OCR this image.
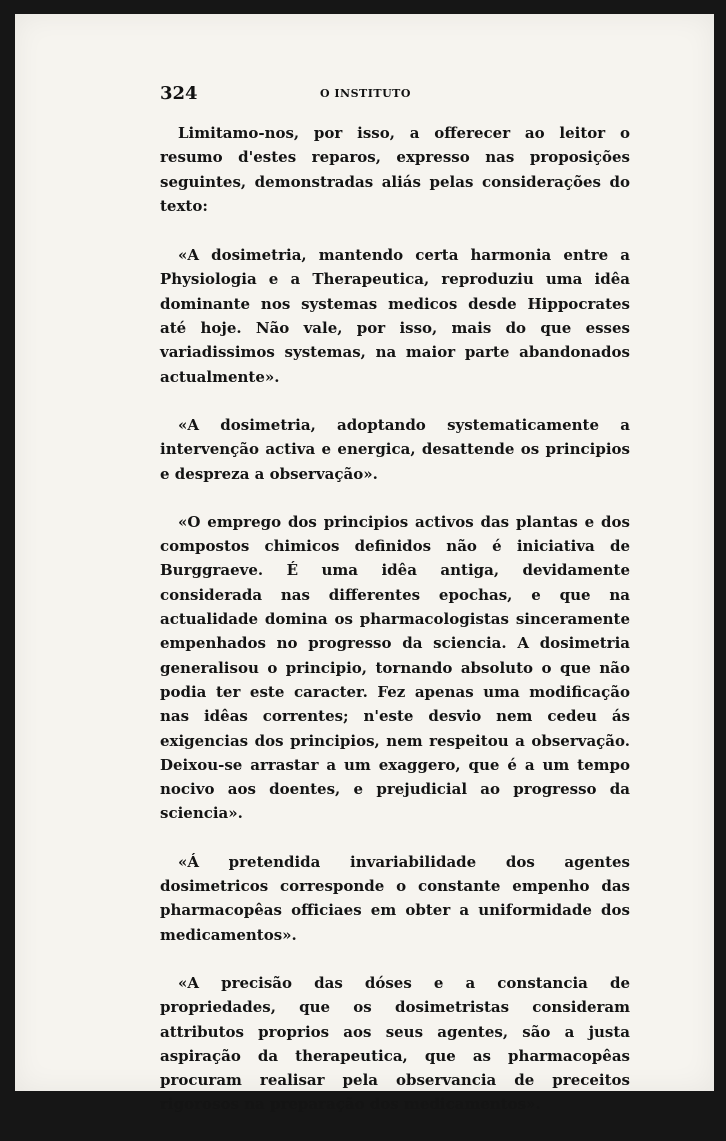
324	O INSTITUTO

Limitamo-nos, por isso, a offerecer ao leitor o resumo d'estes reparos, expresso nas proposições seguintes, demonstradas aliás pelas considerações do texto:

«A dosimetria, mantendo certa harmonia entre a Physiologia e a Therapeutica, reproduziu uma idêa dominante nos systemas medicos desde Hippocrates até hoje. Não vale, por isso, mais do que esses variadissimos systemas, na maior parte abandonados actualmente».

«A dosimetria, adoptando systematicamente a intervenção activa e energica, desattende os principios e despreza a observação».

«O emprego dos principios activos das plantas e dos compostos chimicos definidos não é iniciativa de Burggraeve. É uma idêa antiga, devidamente considerada nas differentes epochas, e que na actualidade domina os pharmacologistas sinceramente empenhados no progresso da sciencia. A dosimetria generalisou o principio, tornando absoluto o que não podia ter este caracter. Fez apenas uma modificação nas idêas correntes; n'este desvio nem cedeu ás exigencias dos principios, nem respeitou a observação. Deixou-se arrastar a um exaggero, que é a um tempo nocivo aos doentes, e prejudicial ao progresso da sciencia».

«Á pretendida invariabilidade dos agentes dosimetricos corresponde o constante empenho das pharmacopêas officiaes em obter a uniformidade dos medicamentos».

«A precisão das dóses e a constancia de propriedades, que os dosimetristas consideram attributos proprios aos seus agentes, são a justa aspiração da therapeutica, que as pharmacopêas procuram realisar pela observancia de preceitos rigorosos na preparação dos medicamentos».
